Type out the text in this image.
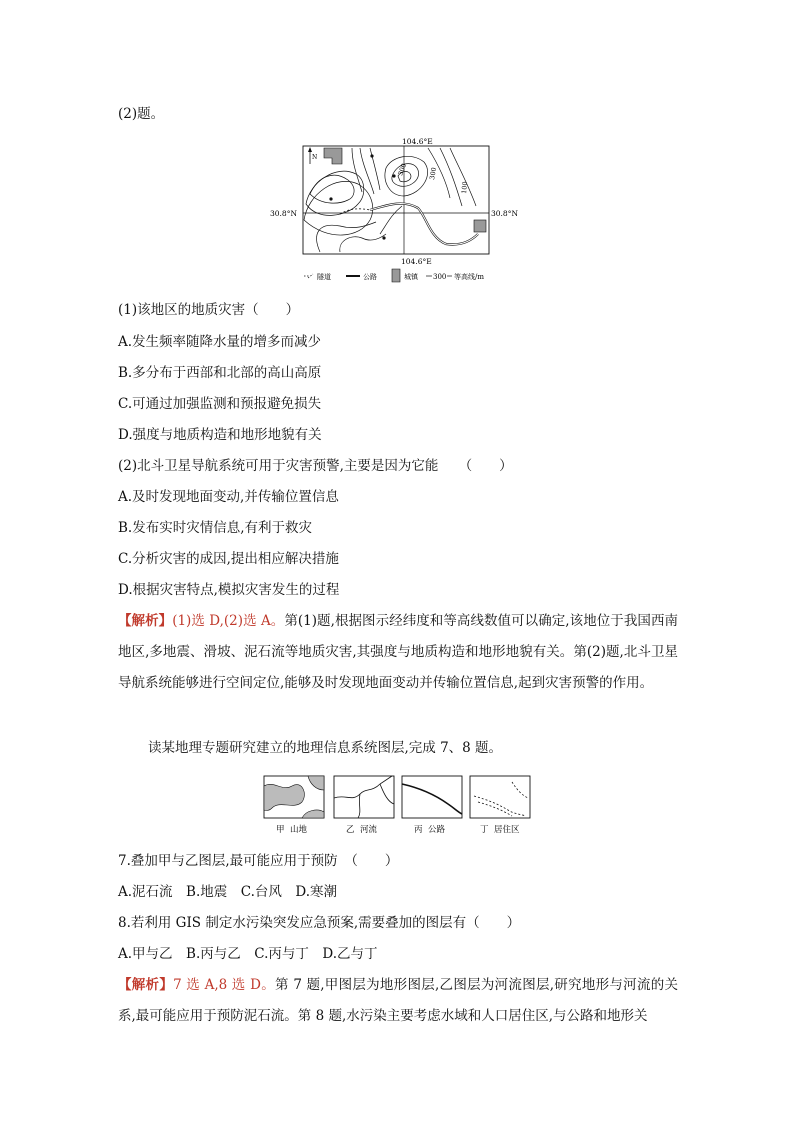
(2)题。
104.6°E
30.8°N	30.8°N
N
300	300
100
104.6°E
隧道	公路	城镇 300 等高线/m
(1)该地区的地质灾害（　　）
A.发生频率随降水量的增多而减少
B.多分布于西部和北部的高山高原
C.可通过加强监测和预报避免损失
D.强度与地质构造和地形地貌有关
(2)北斗卫星导航系统可用于灾害预警,主要是因为它能　　（　　）
A.及时发现地面变动,并传输位置信息
B.发布实时灾情信息,有利于救灾
C.分析灾害的成因,提出相应解决措施
D.根据灾害特点,模拟灾害发生的过程
【解析】(1)选 D,(2)选 A。第(1)题,根据图示经纬度和等高线数值可以确定,该地位于我国西南地区,多地震、滑坡、泥石流等地质灾害,其强度与地质构造和地形地貌有关。第(2)题,北斗卫星导航系统能够进行空间定位,能够及时发现地面变动并传输位置信息,起到灾害预警的作用。
读某地理专题研究建立的地理信息系统图层,完成 7、8 题。
甲 山地	乙 河流	丙 公路	丁 居住区
7.叠加甲与乙图层,最可能应用于预防　（　　）
A.泥石流　B.地震　C.台风　D.寒潮
8.若利用 GIS 制定水污染突发应急预案,需要叠加的图层有（　　）
A.甲与乙　B.丙与乙　C.丙与丁　D.乙与丁
【解析】7 选 A,8 选 D。第 7 题,甲图层为地形图层,乙图层为河流图层,研究地形与河流的关系,最可能应用于预防泥石流。第 8 题,水污染主要考虑水域和人口居住区,与公路和地形关
